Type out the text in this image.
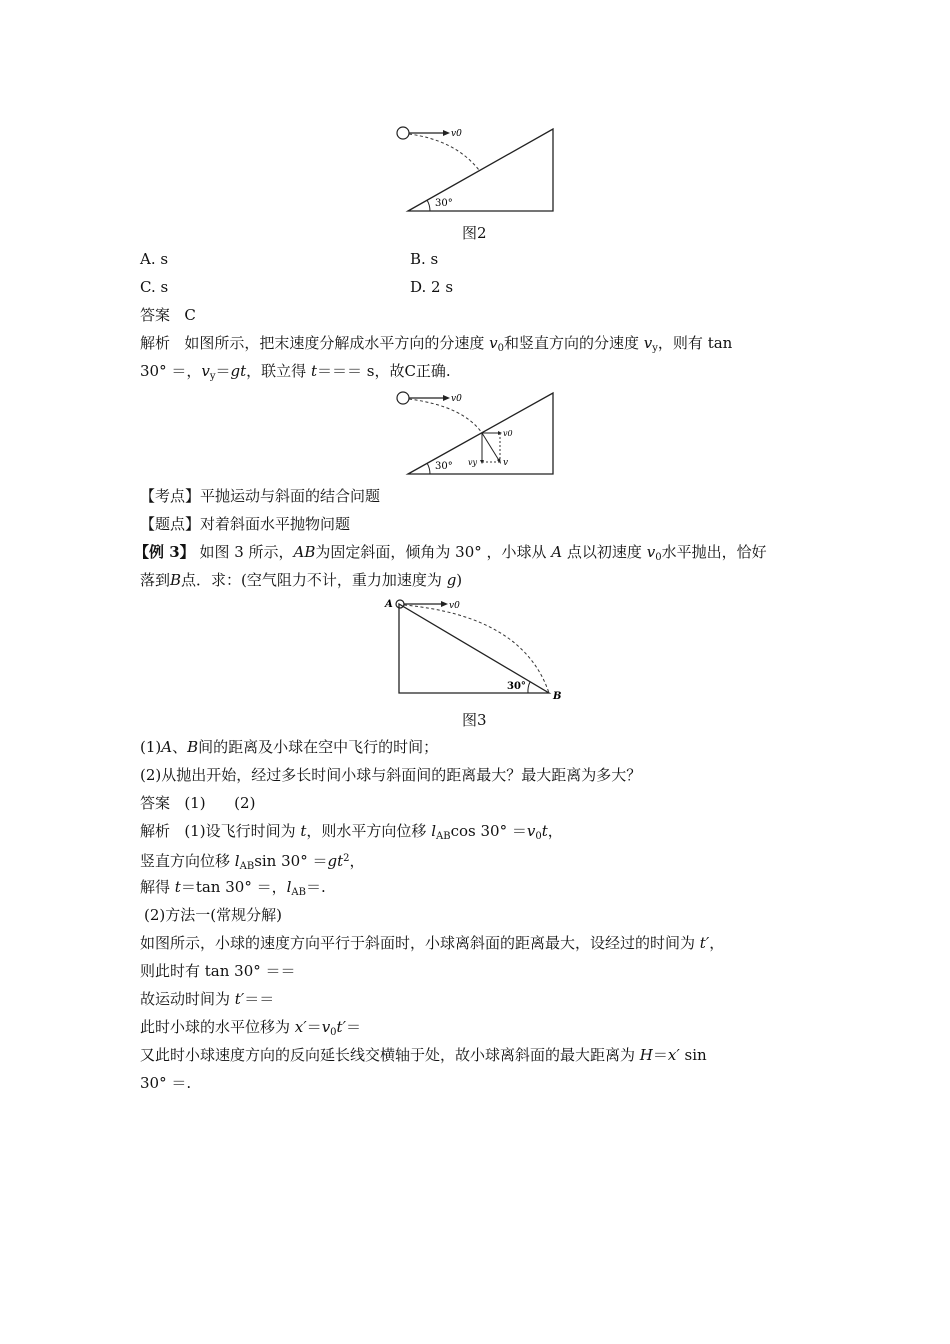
v0
30°
图2
A. s	B. s
C. s	D. 2 s
答案 C
解析 如图所示，把末速度分解成水平方向的分速度 $v_0$和竖直方向的分速度 $v_y$，则有 tan
30° ＝，$v_y=gt$，联立得 t＝＝＝ s，故C正确.
v0
v0
vy	v
30°
【考点】平抛运动与斜面的结合问题
【题点】对着斜面水平抛物问题
【例 3】 如图 3 所示，AB为固定斜面，倾角为 30° ，小球从 A 点以初速度 $v_0$水平抛出，恰好
落到B点．求：(空气阻力不计，重力加速度为 g)
A	v0
30°
B
图3
(1)A、B间的距离及小球在空中飞行的时间；
(2)从抛出开始，经过多长时间小球与斜面间的距离最大？最大距离为多大？
答案 (1)      (2)
解析 (1)设飞行时间为 t，则水平方向位移 $l_{AB}\cos$ $30^\circ =v_0t$，
竖直方向位移 $l_{AB}\sin$ $30^\circ =gt^2$，
解得 t＝tan 30° ＝，$l_{AB}=$.
(2)方法一(常规分解)
如图所示，小球的速度方向平行于斜面时，小球离斜面的距离最大，设经过的时间为 t′，
则此时有 tan 30° ＝＝
故运动时间为 t′＝＝
此时小球的水平位移为 $x'=v_0t'=$
又此时小球速度方向的反向延长线交横轴于处，故小球离斜面的最大距离为 H＝x′ sin
30° ＝.
